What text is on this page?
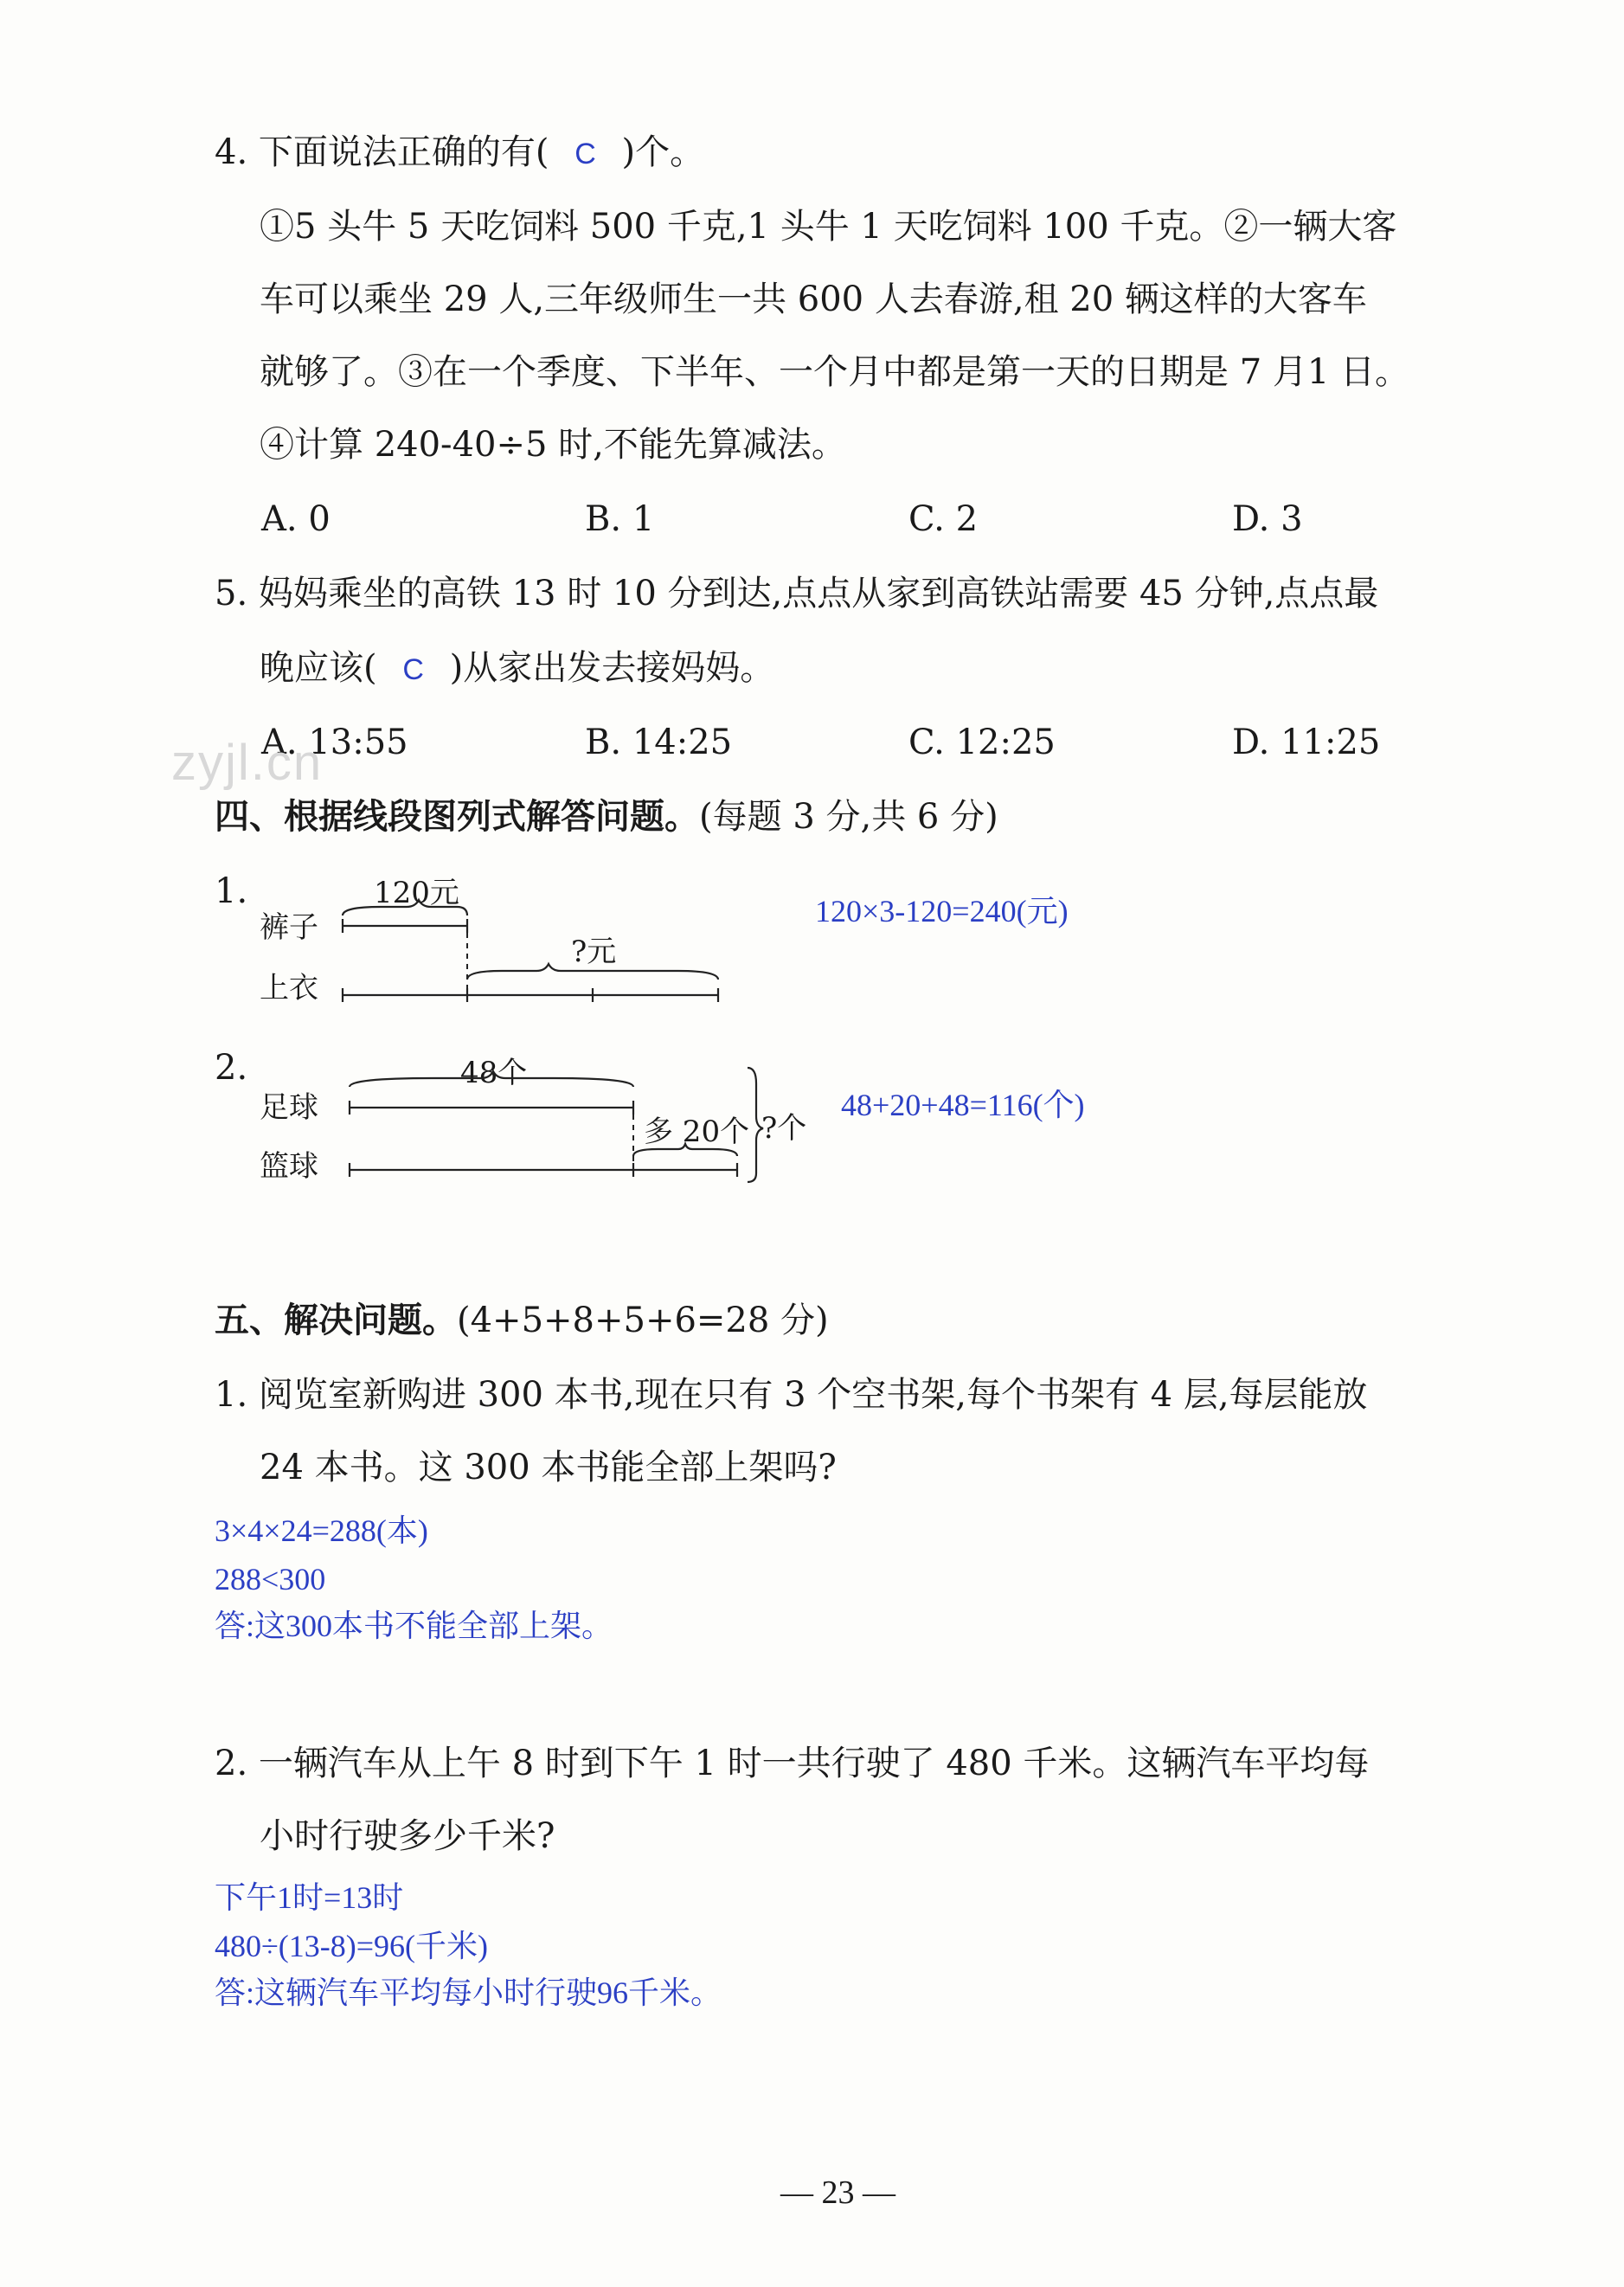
4. 下面说法正确的有( C )个。
①5 头牛 5 天吃饲料 500 千克,1 头牛 1 天吃饲料 100 千克。②一辆大客
车可以乘坐 29 人,三年级师生一共 600 人去春游,租 20 辆这样的大客车
就够了。③在一个季度、下半年、一个月中都是第一天的日期是 7 月1 日。
④计算 240-40÷5 时,不能先算减法。
A. 0	B. 1	C. 2	D. 3
5. 妈妈乘坐的高铁 13 时 10 分到达,点点从家到高铁站需要 45 分钟,点点最
晚应该( C )从家出发去接妈妈。
A. 13:55	B. 14:25	C. 12:25	D. 11:25
zyjl.cn
四、根据线段图列式解答问题。(每题 3 分,共 6 分)
1.	120元
裤子
?元
上衣
120×3-120=240(元)
2.	48个
足球
多 20个 ?个
篮球
48+20+48=116(个)
五、解决问题。(4+5+8+5+6=28 分)
1. 阅览室新购进 300 本书,现在只有 3 个空书架,每个书架有 4 层,每层能放
24 本书。这 300 本书能全部上架吗?
3×4×24=288(本)
288<300
答:这300本书不能全部上架。
2. 一辆汽车从上午 8 时到下午 1 时一共行驶了 480 千米。这辆汽车平均每
小时行驶多少千米?
下午1时=13时
480÷(13-8)=96(千米)
答:这辆汽车平均每小时行驶96千米。
— 23 —
